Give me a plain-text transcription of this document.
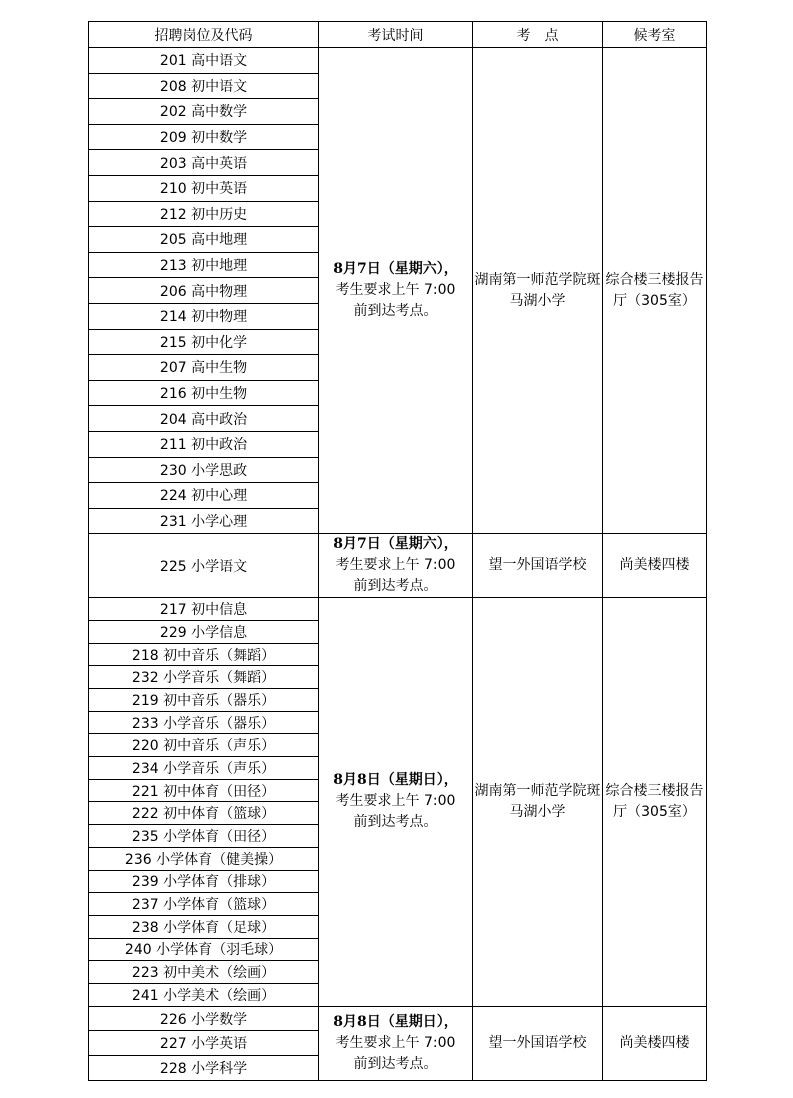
招聘岗位及代码	考试时间	考　点	候考室
201 高中语文	8月7日（星期六），
考生要求上午 7:00
前到达考点。	湖南第一师范学院斑马湖小学	综合楼三楼报告厅（305室）
208 初中语文			
202 高中数学			
209 初中数学			
203 高中英语			
210 初中英语			
212 初中历史			
205 高中地理			
213 初中地理			
206 高中物理			
214 初中物理			
215 初中化学			
207 高中生物			
216 初中生物			
204 高中政治			
211 初中政治			
230 小学思政			
224 初中心理			
231 小学心理			
225 小学语文	8月7日（星期六），
考生要求上午 7:00
前到达考点。	望一外国语学校	尚美楼四楼
217 初中信息	8月8日（星期日），
考生要求上午 7:00
前到达考点。	湖南第一师范学院斑马湖小学	综合楼三楼报告厅（305室）
229 小学信息			
218 初中音乐（舞蹈）			
232 小学音乐（舞蹈）			
219 初中音乐（器乐）			
233 小学音乐（器乐）			
220 初中音乐（声乐）			
234 小学音乐（声乐）			
221 初中体育（田径）			
222 初中体育（篮球）			
235 小学体育（田径）			
236 小学体育（健美操）			
239 小学体育（排球）			
237 小学体育（篮球）			
238 小学体育（足球）			
240 小学体育（羽毛球）			
223 初中美术（绘画）			
241 小学美术（绘画）			
226 小学数学	8月8日（星期日），
考生要求上午 7:00
前到达考点。	望一外国语学校	尚美楼四楼
227 小学英语			
228 小学科学			
